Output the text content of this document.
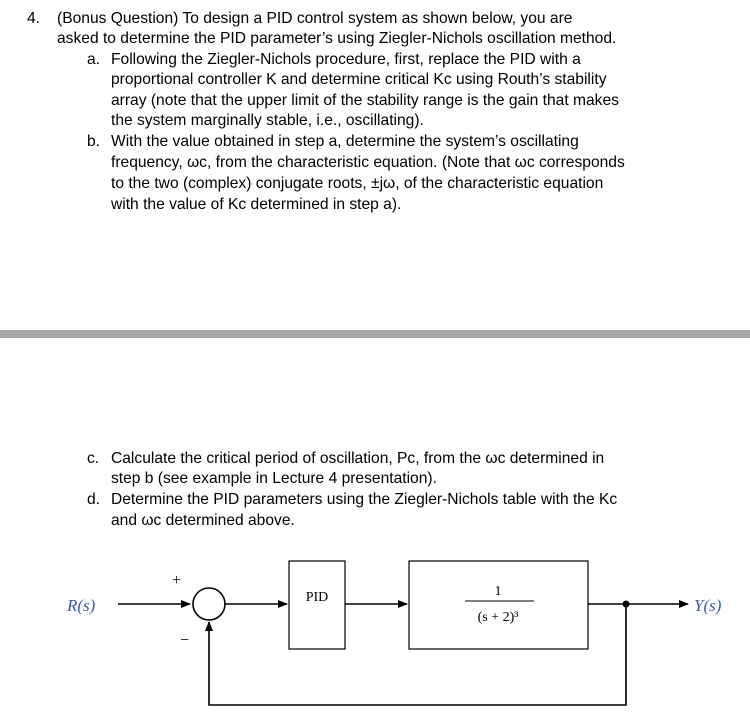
4. (Bonus Question) To design a PID control system as shown below, you are
asked to determine the PID parameter’s using Ziegler-Nichols oscillation method.
a. Following the Ziegler-Nichols procedure, first, replace the PID with a
proportional controller K and determine critical Kc using Routh’s stability
array (note that the upper limit of the stability range is the gain that makes
the system marginally stable, i.e., oscillating).
b. With the value obtained in step a, determine the system’s oscillating
frequency, ωc, from the characteristic equation. (Note that ωc corresponds
to the two (complex) conjugate roots, ±jω, of the characteristic equation
with the value of Kc determined in step a).
c. Calculate the critical period of oscillation, Pc, from the ωc determined in
step b (see example in Lecture 4 presentation).
d. Determine the PID parameters using the Ziegler-Nichols table with the Kc
and ωc determined above.
R(s)
+
−
PID	1
(s + 2)³
Y(s)
